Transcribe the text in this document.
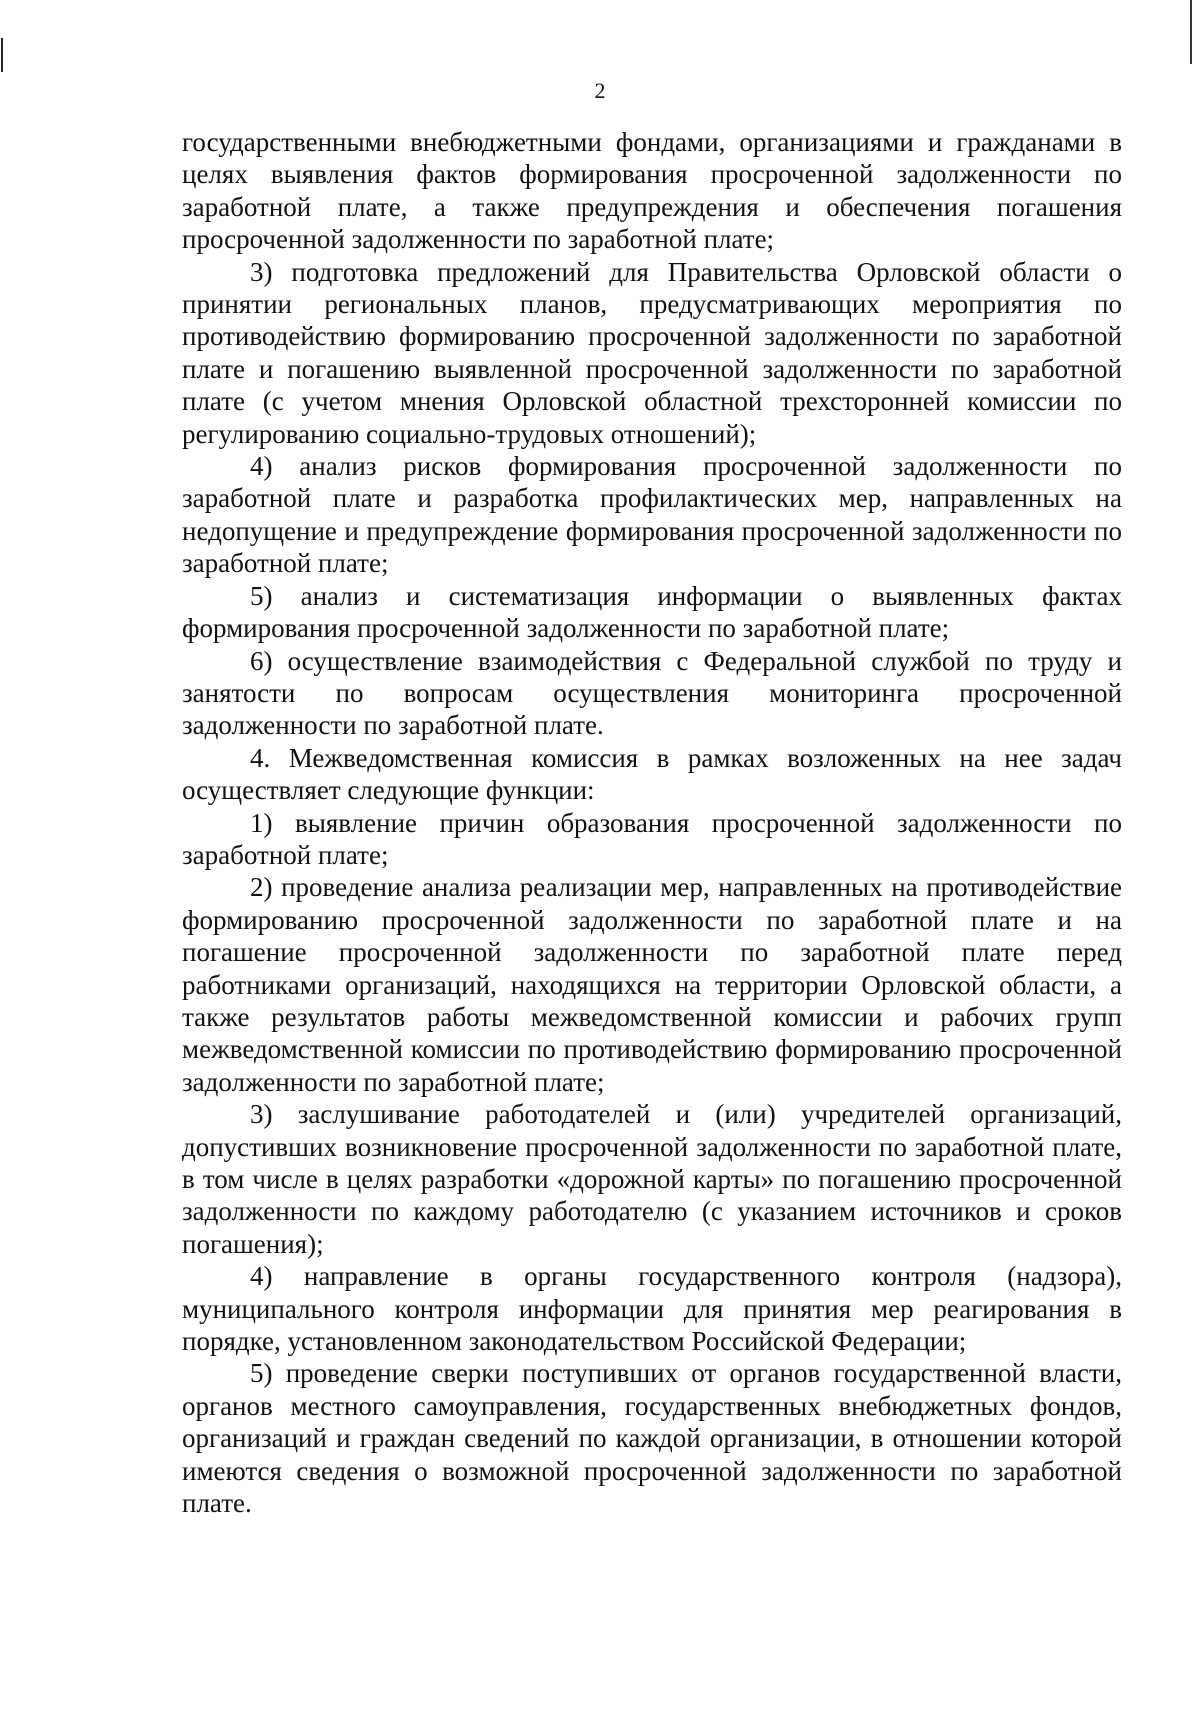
2

государственными внебюджетными фондами, организациями и гражданами в целях выявления фактов формирования просроченной задолженности по заработной плате, а также предупреждения и обеспечения погашения просроченной задолженности по заработной плате;

3) подготовка предложений для Правительства Орловской области о принятии региональных планов, предусматривающих мероприятия по противодействию формированию просроченной задолженности по заработной плате и погашению выявленной просроченной задолженности по заработной плате (с учетом мнения Орловской областной трехсторонней комиссии по регулированию социально-трудовых отношений);

4) анализ рисков формирования просроченной задолженности по заработной плате и разработка профилактических мер, направленных на недопущение и предупреждение формирования просроченной задолженности по заработной плате;

5) анализ и систематизация информации о выявленных фактах формирования просроченной задолженности по заработной плате;

6) осуществление взаимодействия с Федеральной службой по труду и занятости по вопросам осуществления мониторинга просроченной задолженности по заработной плате.

4. Межведомственная комиссия в рамках возложенных на нее задач осуществляет следующие функции:

1) выявление причин образования просроченной задолженности по заработной плате;

2) проведение анализа реализации мер, направленных на противодействие формированию просроченной задолженности по заработной плате и на погашение просроченной задолженности по заработной плате перед работниками организаций, находящихся на территории Орловской области, а также результатов работы межведомственной комиссии и рабочих групп межведомственной комиссии по противодействию формированию просроченной задолженности по заработной плате;

3) заслушивание работодателей и (или) учредителей организаций, допустивших возникновение просроченной задолженности по заработной плате, в том числе в целях разработки «дорожной карты» по погашению просроченной задолженности по каждому работодателю (с указанием источников и сроков погашения);

4) направление в органы государственного контроля (надзора), муниципального контроля информации для принятия мер реагирования в порядке, установленном законодательством Российской Федерации;

5) проведение сверки поступивших от органов государственной власти, органов местного самоуправления, государственных внебюджетных фондов, организаций и граждан сведений по каждой организации, в отношении которой имеются сведения о возможной просроченной задолженности по заработной плате.
